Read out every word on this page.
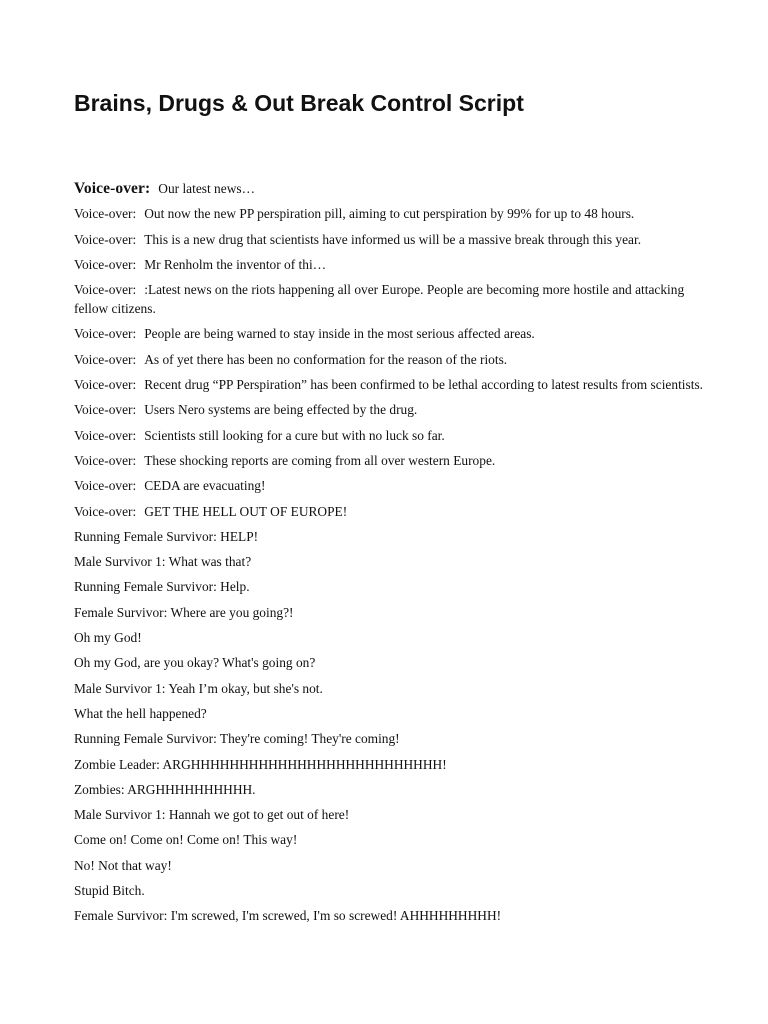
Brains, Drugs & Out Break Control Script
Voice-over: Our latest news…
Voice-over: Out now the new PP perspiration pill, aiming to cut perspiration by 99% for up to 48 hours.
Voice-over: This is a new drug that scientists have informed us will be a massive break through this year.
Voice-over: Mr Renholm the inventor of thi…
Voice-over: :Latest news on the riots happening all over Europe. People are becoming more hostile and attacking fellow citizens.
Voice-over: People are being warned to stay inside in the most serious affected areas.
Voice-over: As of yet there has been no conformation for the reason of the riots.
Voice-over: Recent drug “PP Perspiration” has been confirmed to be lethal according to latest results from scientists.
Voice-over: Users Nero systems are being effected by the drug.
Voice-over: Scientists still looking for a cure but with no luck so far.
Voice-over: These shocking reports are coming from all over western Europe.
Voice-over: CEDA are evacuating!
Voice-over: GET THE HELL OUT OF EUROPE!
Running Female Survivor: HELP!
Male Survivor 1: What was that?
Running Female Survivor: Help.
Female Survivor: Where are you going?!
Oh my God!
Oh my God, are you okay? What's going on?
Male Survivor 1: Yeah I’m okay, but she's not.
What the hell happened?
Running Female Survivor: They're coming! They're coming!
Zombie Leader: ARGHHHHHHHHHHHHHHHHHHHHHHHHHH!
Zombies: ARGHHHHHHHHHH.
Male Survivor 1: Hannah we got to get out of here!
Come on! Come on! Come on! This way!
No! Not that way!
Stupid Bitch.
Female Survivor: I'm screwed, I'm screwed, I'm so screwed! AHHHHHHHHH!
